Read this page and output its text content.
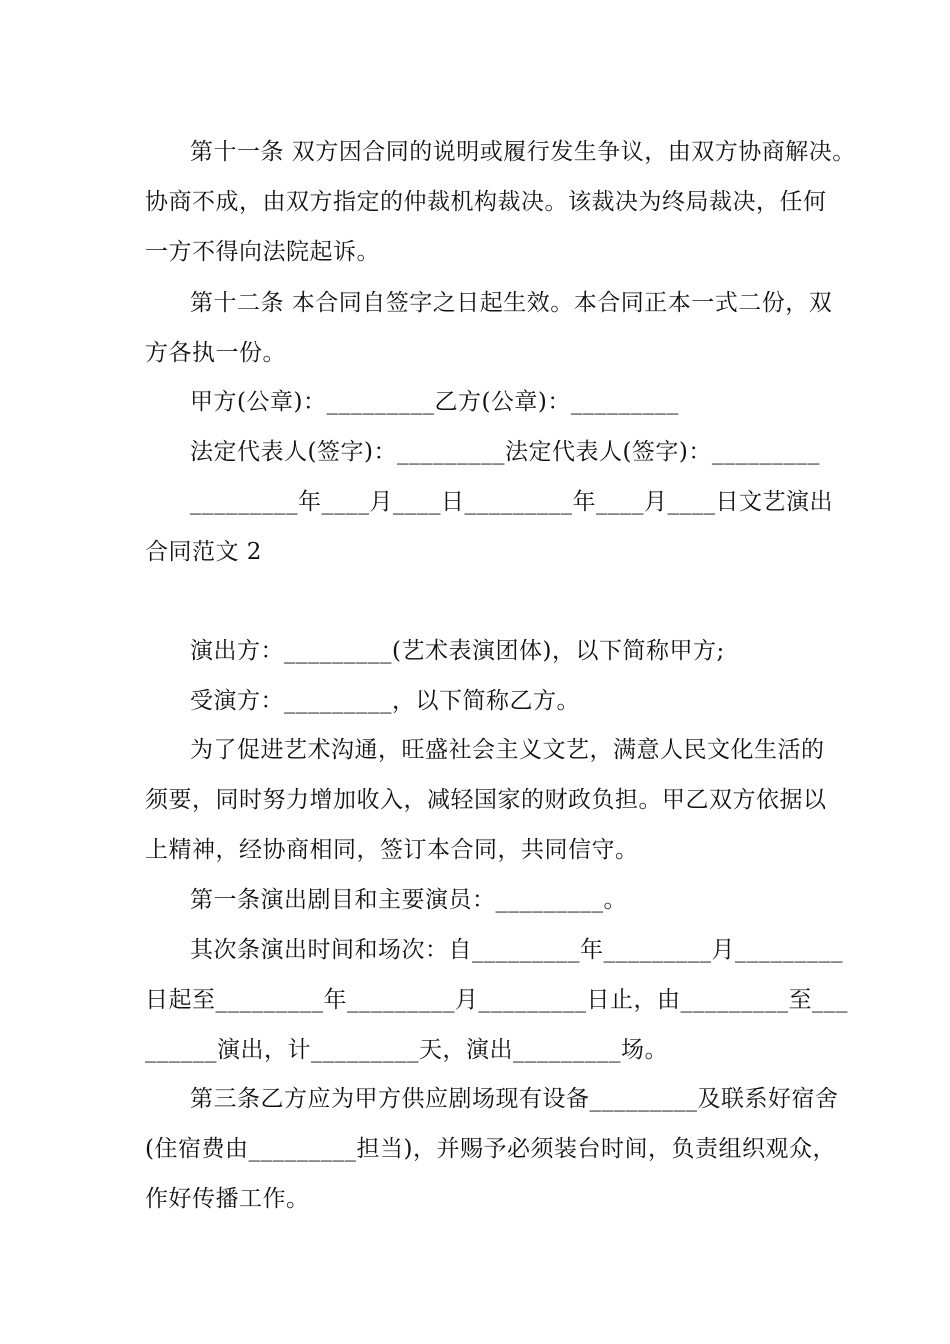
第十一条 双方因合同的说明或履行发生争议，由双方协商解决。
协商不成，由双方指定的仲裁机构裁决。该裁决为终局裁决，任何
一方不得向法院起诉。
第十二条 本合同自签字之日起生效。本合同正本一式二份，双
方各执一份。
甲方(公章)：_________乙方(公章)：_________
法定代表人(签字)：_________法定代表人(签字)：_________
_________年____月____日_________年____月____日文艺演出
合同范文 2
演出方：_________(艺术表演团体)，以下简称甲方;
受演方：_________，以下简称乙方。
为了促进艺术沟通，旺盛社会主义文艺，满意人民文化生活的
须要，同时努力增加收入，减轻国家的财政负担。甲乙双方依据以
上精神，经协商相同，签订本合同，共同信守。
第一条演出剧目和主要演员：_________。
其次条演出时间和场次：自_________年_________月_________
日起至_________年_________月_________日止，由_________至___
______演出，计_________天，演出_________场。
第三条乙方应为甲方供应剧场现有设备_________及联系好宿舍
(住宿费由_________担当)，并赐予必须装台时间，负责组织观众，
作好传播工作。
